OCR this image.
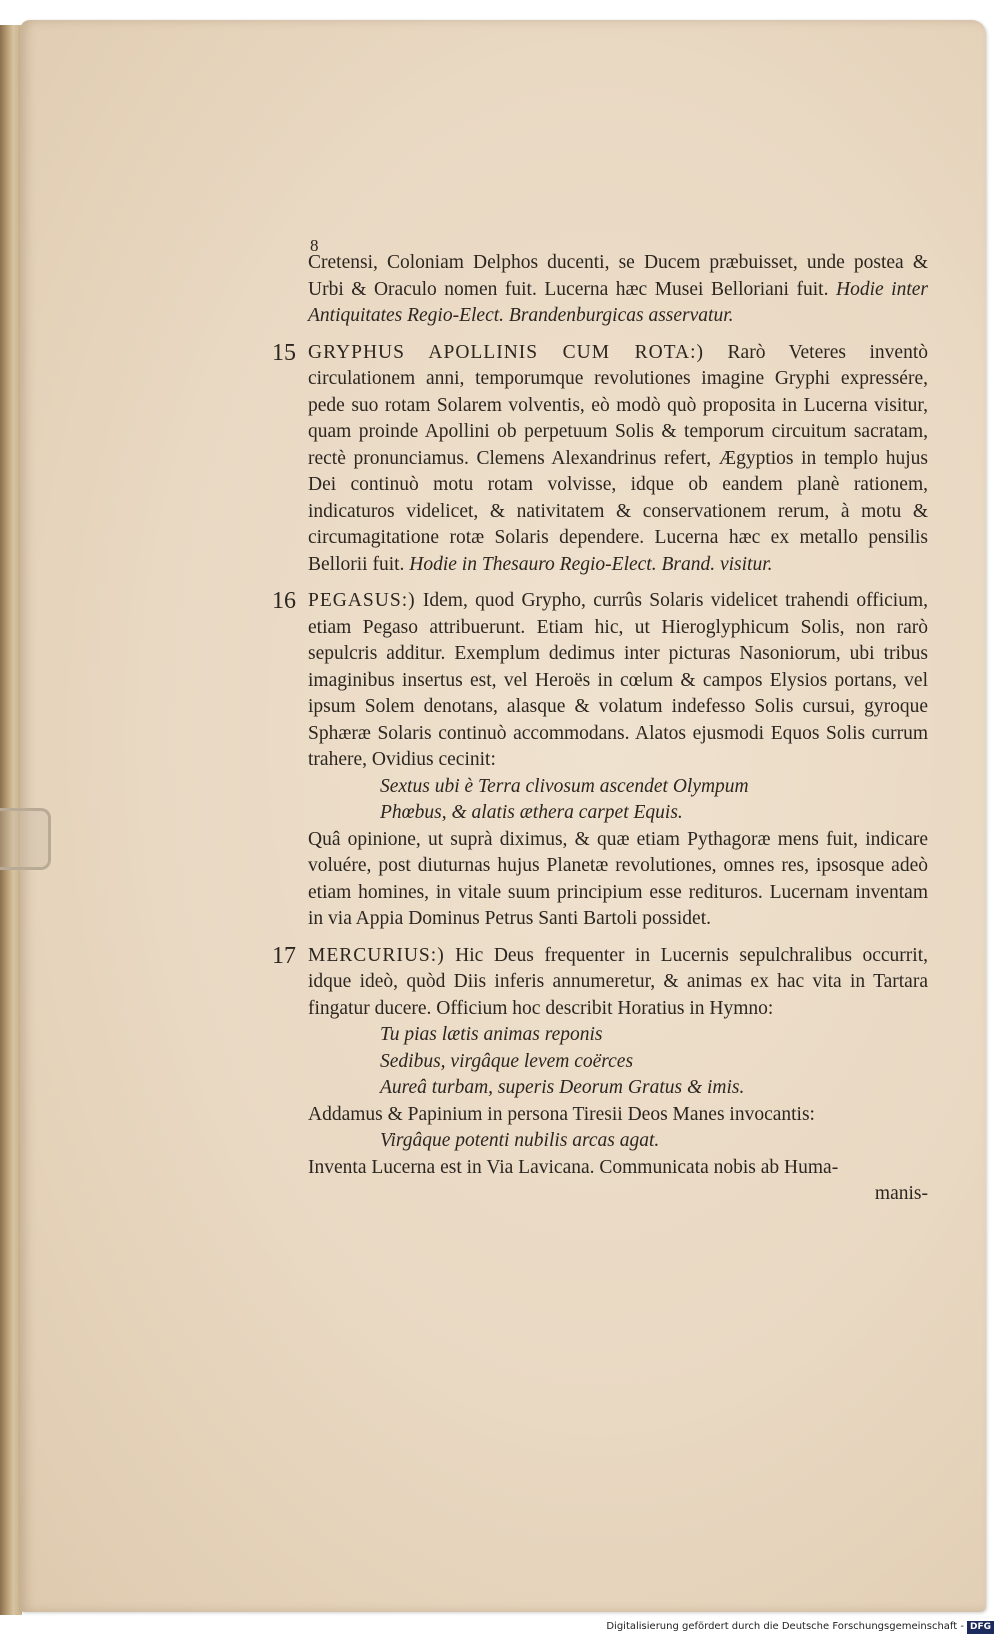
8

Cretensi, Coloniam Delphos ducenti, se Ducem præbuisset, unde postea & Urbi & Oraculo nomen fuit. Lucerna hæc Musei Belloriani fuit. Hodie inter Antiquitates Regio-Elect. Brandenburgicas asservatur.

15 GRYPHUS APOLLINIS CUM ROTA:) Rarò Veteres inventò circulationem anni, temporumque revolutiones imagine Gryphi expressére, pede suo rotam Solarem volventis, eò modò quò proposita in Lucerna visitur, quam proinde Apollini ob perpetuum Solis & temporum circuitum sacratam, rectè pronunciamus. Clemens Alexandrinus refert, Ægyptios in templo hujus Dei continuò motu rotam volvisse, idque ob eandem planè rationem, indicaturos videlicet, & nativitatem & conservationem rerum, à motu & circumagitatione rotæ Solaris dependere. Lucerna hæc ex metallo pensilis Bellorii fuit. Hodie in Thesauro Regio-Elect. Brand. visitur.

16 PEGASUS:) Idem, quod Grypho, currûs Solaris videlicet trahendi officium, etiam Pegaso attribuerunt. Etiam hic, ut Hieroglyphicum Solis, non rarò sepulcris additur. Exemplum dedimus inter picturas Nasoniorum, ubi tribus imaginibus insertus est, vel Heroës in cœlum & campos Elysios portans, vel ipsum Solem denotans, alasque & volatum indefesso Solis cursui, gyroque Sphæræ Solaris continuò accommodans. Alatos ejusmodi Equos Solis currum trahere, Ovidius cecinit:

Sextus ubi è Terra clivosum ascendet Olympum

Phœbus, & alatis æthera carpet Equis.

Quâ opinione, ut suprà diximus, & quæ etiam Pythagoræ mens fuit, indicare voluére, post diuturnas hujus Planetæ revolutiones, omnes res, ipsosque adeò etiam homines, in vitale suum principium esse redituros. Lucernam inventam in via Appia Dominus Petrus Santi Bartoli possidet.

17 MERCURIUS:) Hic Deus frequenter in Lucernis sepulchralibus occurrit, idque ideò, quòd Diis inferis annumeretur, & animas ex hac vita in Tartara fingatur ducere. Officium hoc describit Horatius in Hymno:

Tu pias lætis animas reponis

Sedibus, virgâque levem coërces

Aureâ turbam, superis Deorum Gratus & imis.

Addamus & Papinium in persona Tiresii Deos Manes invocantis:

Virgâque potenti nubilis arcas agat.

Inventa Lucerna est in Via Lavicana. Communicata nobis ab Huma-

manis-

Digitalisierung gefördert durch die Deutsche Forschungsgemeinschaft - DFG
